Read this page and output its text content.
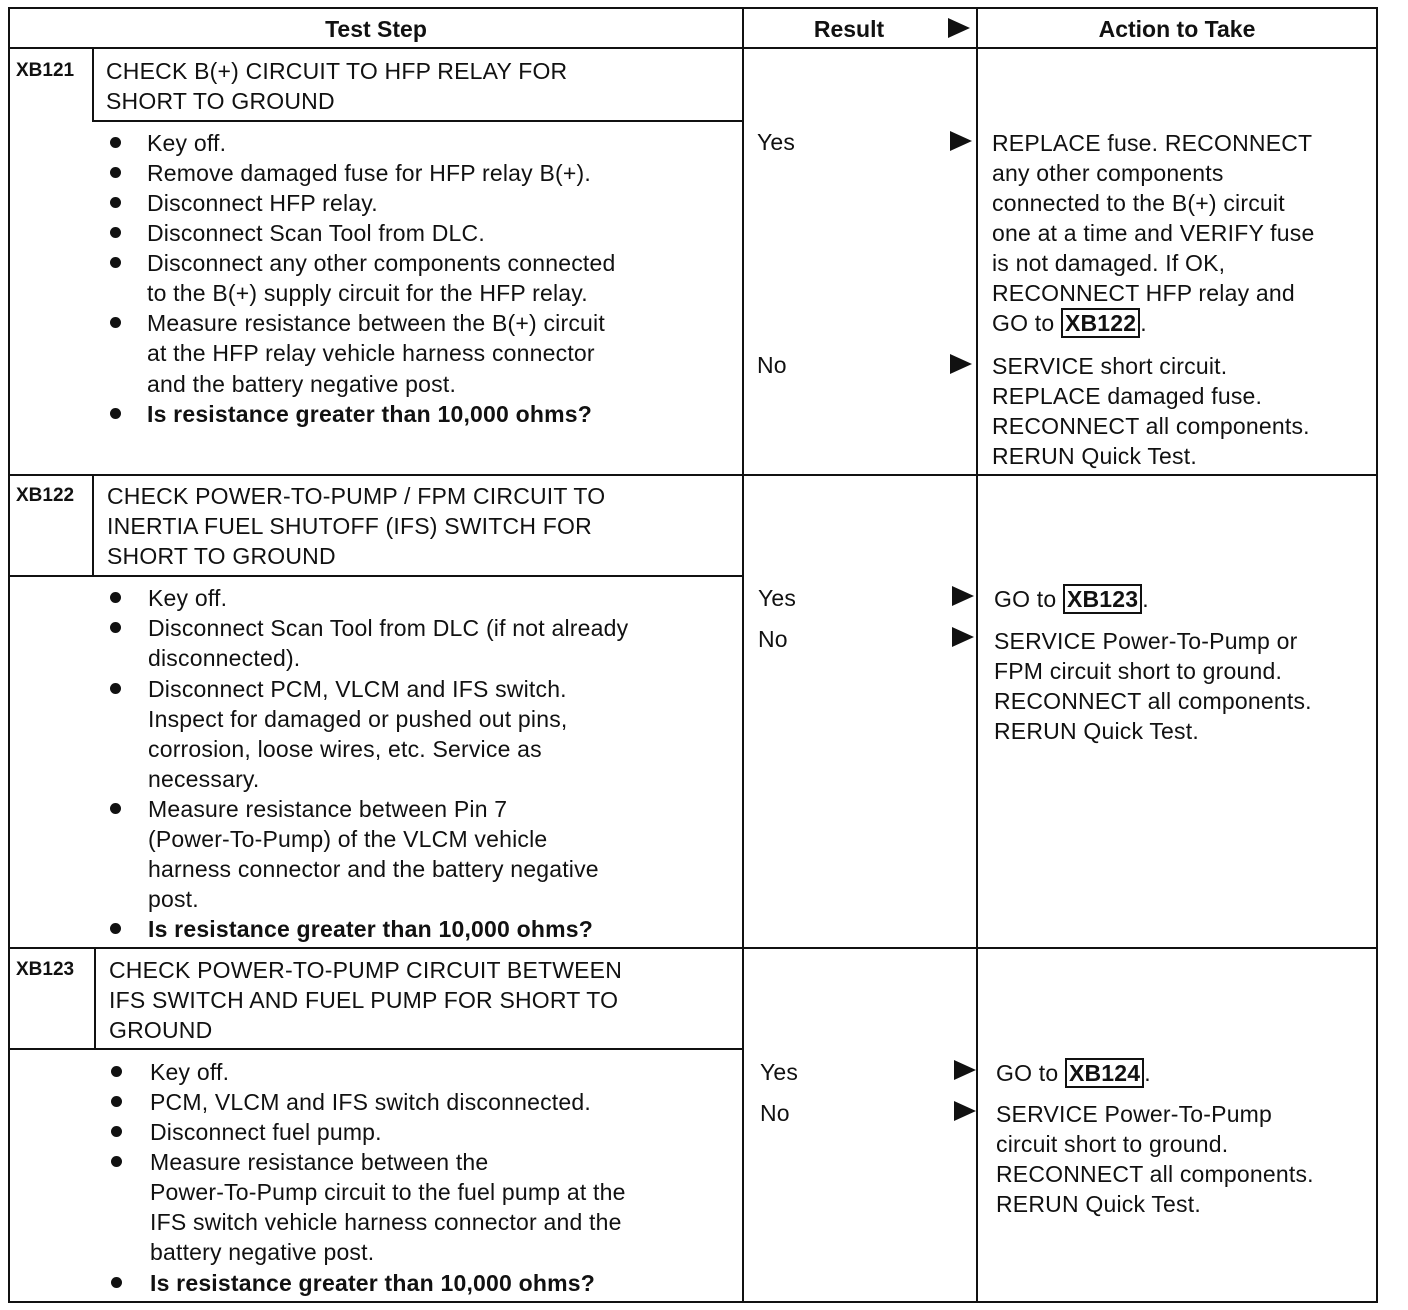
Test Step	Result	Action to Take
XB121 CHECK B(+) CIRCUIT TO HFP RELAY FOR
SHORT TO GROUND
Key off.
Remove damaged fuse for HFP relay B(+).
Disconnect HFP relay.
Disconnect Scan Tool from DLC.
Disconnect any other components connected
to the B(+) supply circuit for the HFP relay.
Measure resistance between the B(+) circuit
at the HFP relay vehicle harness connector
and the battery negative post.
Is resistance greater than 10,000 ohms?
Yes
No
REPLACE fuse. RECONNECT
any other components
connected to the B(+) circuit
one at a time and VERIFY fuse
is not damaged. If OK,
RECONNECT HFP relay and
GO to XB122 .
SERVICE short circuit.
REPLACE damaged fuse.
RECONNECT all components.
RERUN Quick Test.
XB122 CHECK POWER-TO-PUMP / FPM CIRCUIT TO
INERTIA FUEL SHUTOFF (IFS) SWITCH FOR
SHORT TO GROUND
Key off.
Disconnect Scan Tool from DLC (if not already
disconnected).
Disconnect PCM, VLCM and IFS switch.
Inspect for damaged or pushed out pins,
corrosion, loose wires, etc. Service as
necessary.
Measure resistance between Pin 7
(Power-To-Pump) of the VLCM vehicle
harness connector and the battery negative
post.
Is resistance greater than 10,000 ohms?
Yes
No
GO to XB123 .
SERVICE Power-To-Pump or
FPM circuit short to ground.
RECONNECT all components.
RERUN Quick Test.
XB123 CHECK POWER-TO-PUMP CIRCUIT BETWEEN
IFS SWITCH AND FUEL PUMP FOR SHORT TO
GROUND
Key off.
PCM, VLCM and IFS switch disconnected.
Disconnect fuel pump.
Measure resistance between the
Power-To-Pump circuit to the fuel pump at the
IFS switch vehicle harness connector and the
battery negative post.
Is resistance greater than 10,000 ohms?
Yes
No
GO to XB124 .
SERVICE Power-To-Pump
circuit short to ground.
RECONNECT all components.
RERUN Quick Test.
